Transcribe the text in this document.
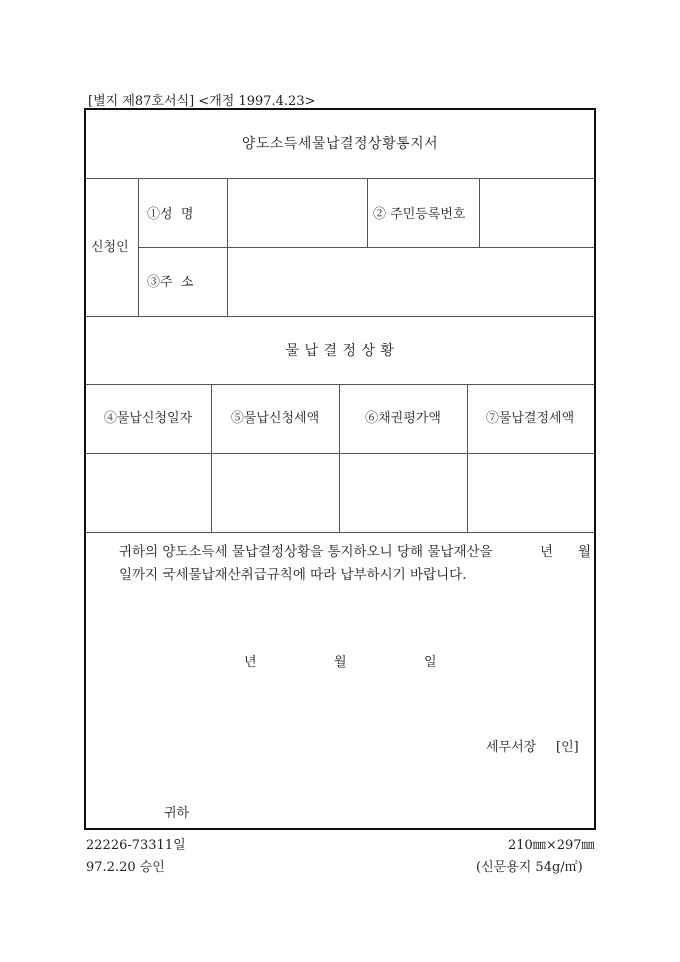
[별지 제87호서식] <개정 1997.4.23>
양도소득세물납결정상황통지서
신청인
①성  명	② 주민등록번호
③주  소
물 납 결 정 상 황
④물납신청일자	⑤물납신청세액	⑥채권평가액	⑦물납결정세액
귀하의 양도소득세 물납결정상황을 통지하오니 당해 물납재산을	년 월
일까지 국세물납재산취급규칙에 따라 납부하시기 바랍니다.
년	월	일
세무서장 [인]
귀하
22226-73311일
97.2.20 승인
210㎜×297㎜
(신문용지 54g/㎡)
